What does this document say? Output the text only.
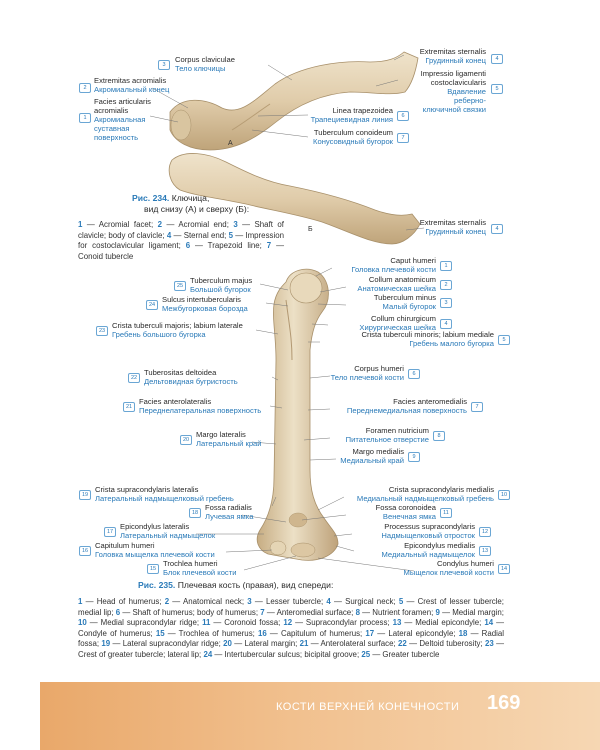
3
Corpus claviculae
Тело ключицы
2
Extremitas acromialis
Акромиальный конец
1
Facies articularis
acromialis
Акромиальная
суставная
поверхность
Extremitas sternalis
Грудинный конец	4
Impressio ligamenti
costoclavicularis
Вдавление
реберно-
ключичной связки
5
Linea trapezoidea
Трапециевидная линия	6
Tuberculum conoideum
Конусовидный бугорок	7
А
Б
Extremitas sternalis
Грудинный конец	4
Рис. 234. Ключица,
вид снизу (А) и сверху (Б):
1 — Acromial facet; 2 — Acromial end; 3 — Shaft of clavicle; body of clavicle; 4 — Sternal end; 5 — Impression for costoclavicular ligament; 6 — Trapezoid line; 7 — Conoid tubercle
1
Caput humeri
Головка плечевой кости
2
Collum anatomicum
Анатомическая шейка
3
Tuberculum minus
Малый бугорок
4
Collum chirurgicum
Хирургическая шейка
5
Crista tuberculi minoris; labium mediale
Гребень малого бугорка
6
Corpus humeri
Тело плечевой кости
7
Facies anteromedialis
Переднемедиальная поверхность
8
Foramen nutricium
Питательное отверстие
9
Margo medialis
Медиальный край
10
Crista supracondylaris medialis
Медиальный надмыщелковый гребень
11
Fossa coronoidea
Венечная ямка
12
Processus supracondylaris
Надмыщелковый отросток
13
Epicondylus medialis
Медиальный надмыщелок
14
Condylus humeri
Мыщелок плечевой кости
25
Tuberculum majus
Большой бугорок
24
Sulcus intertubercularis
Межбугорковая борозда
23
Crista tuberculi majoris; labium laterale
Гребень большого бугорка
22
Tuberositas deltoidea
Дельтовидная бугристость
21
Facies anterolateralis
Переднелатеральная поверхность
20
Margo lateralis
Латеральный край
19
Crista supracondylaris lateralis
Латеральный надмыщелковый гребень
18
Fossa radialis
Лучевая ямка
17
Epicondylus lateralis
Латеральный надмыщелок
16
Capitulum humeri
Головка мыщелка плечевой кости
15
Trochlea humeri
Блок плечевой кости
Рис. 235. Плечевая кость (правая), вид спереди:
1 — Head of humerus; 2 — Anatomical neck; 3 — Lesser tubercle; 4 — Surgical neck; 5 — Crest of lesser tubercle; medial lip; 6 — Shaft of humerus; body of humerus; 7 — Anteromedial surface; 8 — Nutrient foramen; 9 — Medial margin; 10 — Medial supracondylar ridge; 11 — Coronoid fossa; 12 — Supracondylar process; 13 — Medial epicondyle; 14 — Condyle of humerus; 15 — Trochlea of humerus; 16 — Capitulum of humerus; 17 — Lateral epicondyle; 18 — Radial fossa; 19 — Lateral supracondylar ridge; 20 — Lateral margin; 21 — Anterolateral surface; 22 — Deltoid tuberosity; 23 — Crest of greater tubercle; lateral lip; 24 — Intertubercular sulcus; bicipital groove; 25 — Greater tubercle
КОСТИ ВЕРХНЕЙ КОНЕЧНОСТИ 169
